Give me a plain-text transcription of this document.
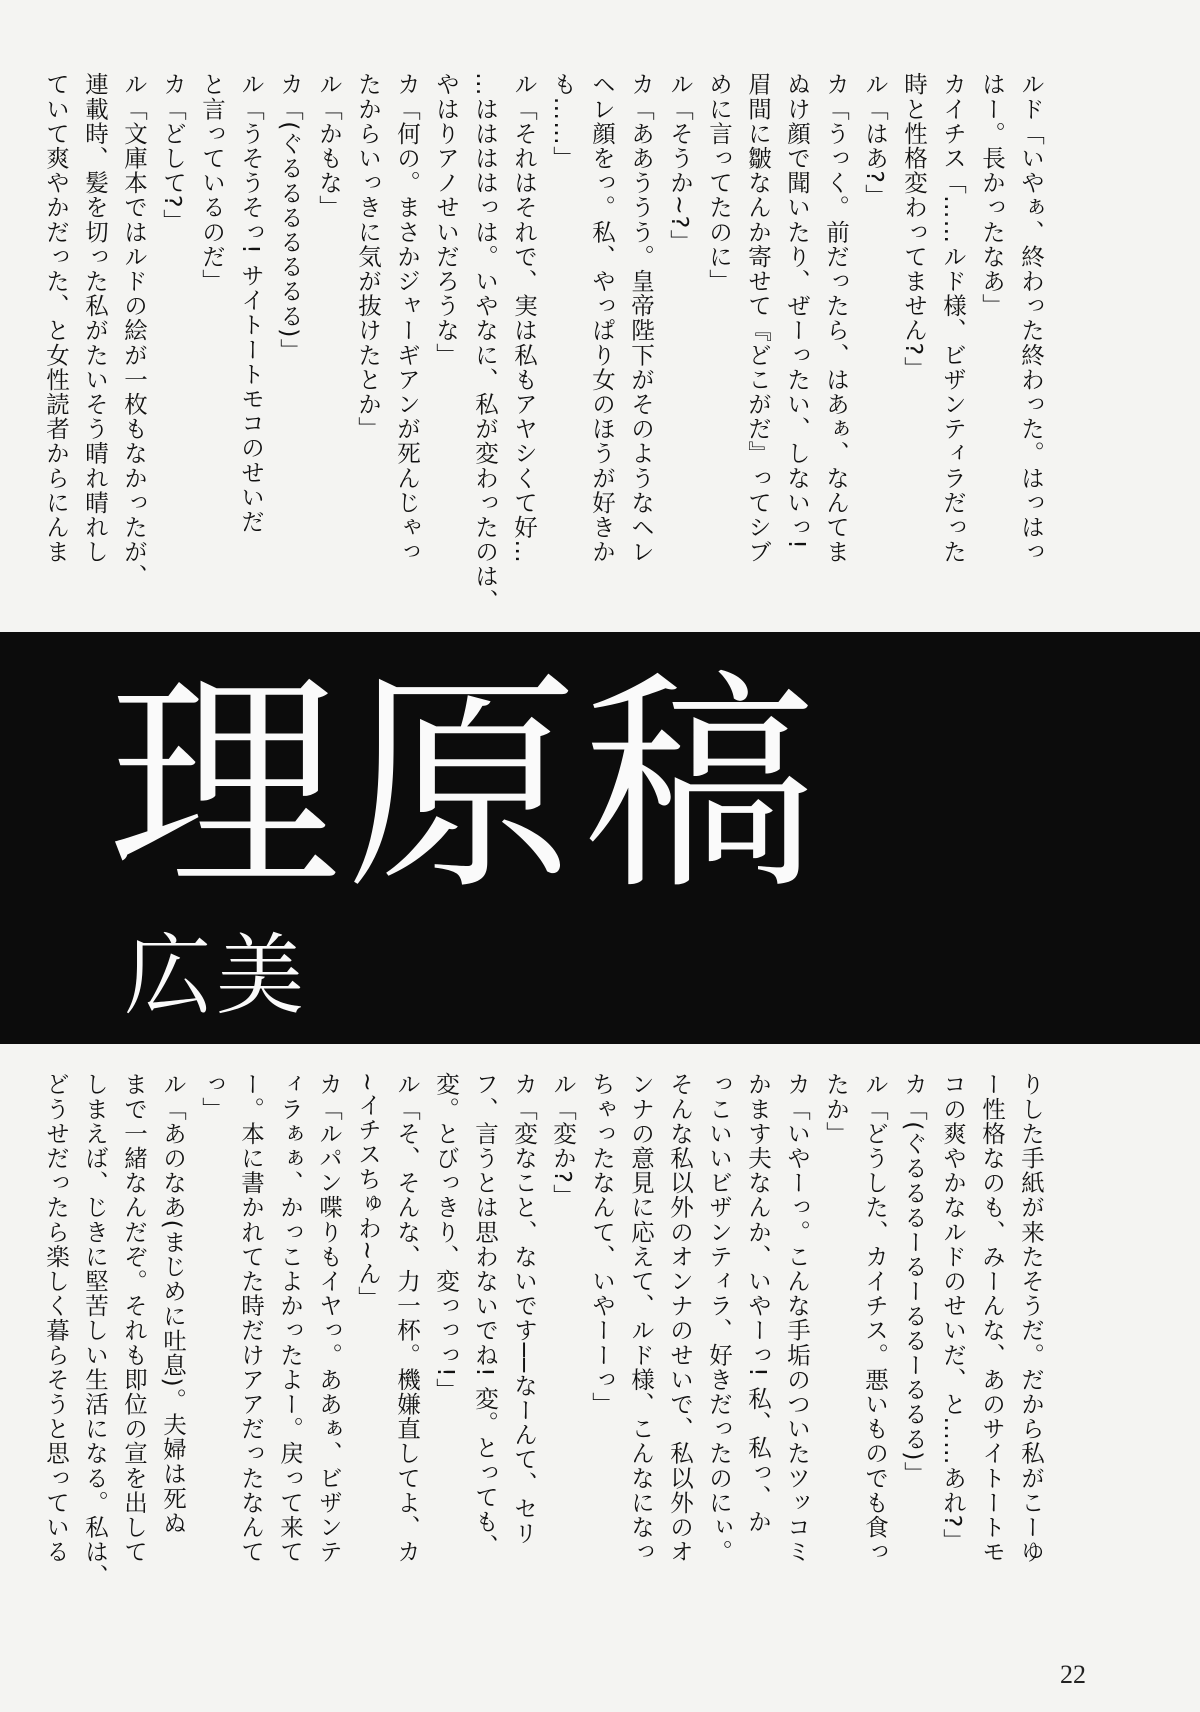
ルド「いやぁ、終わった終わった。はっはっ
はー。長かったなあ」
カイチス「……ルド様、ビザンティラだった
時と性格変わってません?」
ル「はあ?」
カ「うっく。前だったら、はあぁ、なんてま
ぬけ顔で聞いたり、ぜーったい、しないっ!
眉間に皺なんか寄せて『どこがだ』ってシブ
めに言ってたのに」
ル「そうか~?」
カ「ああううう。皇帝陛下がそのようなヘレ
ヘレ顔をっ。私、やっぱり女のほうが好きか
も……」
ル「それはそれで、実は私もアヤシくて好…
…ははははっは。いやなに、私が変わったのは、
やはりアノせいだろうな」
カ「何の。まさかジャーギアンが死んじゃっ
たからいっきに気が抜けたとか」
ル「かもな」
カ「(ぐるるるるるるる)」
ル「うそうそっ! サイトートモコのせいだ
と言っているのだ」
カ「どして?」
ル「文庫本ではルドの絵が一枚もなかったが、
連載時、髪を切った私がたいそう晴れ晴れし
ていて爽やかだった、と女性読者からにんま
理原稿
広美
りした手紙が来たそうだ。だから私がこーゆ
ー性格なのも、みーんな、あのサイトートモ
コの爽やかなルドのせいだ、と……あれ?」
カ「(ぐるるるーるーるるーるるる)」
ル「どうした、カイチス。悪いものでも食っ
たか」
カ「いやーっ。こんな手垢のついたツッコミ
かます夫なんか、いやーっ! 私、私っ、か
っこいいビザンティラ、好きだったのにぃ。
そんな私以外のオンナのせいで、私以外のオ
ンナの意見に応えて、ルド様、こんなになっ
ちゃったなんて、いやーーっ」
ル「変か?」
カ「変なこと、ないです──なーんて、セリ
フ、言うとは思わないでね! 変。とっても、
変。とびっきり、変っっっ!」
ル「そ、そんな、力一杯。機嫌直してよ、カ
~イチスちゅわ~ん」
カ「ルパン喋りもイヤっ。ああぁ、ビザンテ
ィラぁぁ、かっこよかったよー。戻って来て
ー。本に書かれてた時だけアアだったなんて
っ」
ル「あのなあ(まじめに吐息)。夫婦は死ぬ
まで一緒なんだぞ。それも即位の宣を出して
しまえば、じきに堅苦しい生活になる。私は、
どうせだったら楽しく暮らそうと思っている
22
